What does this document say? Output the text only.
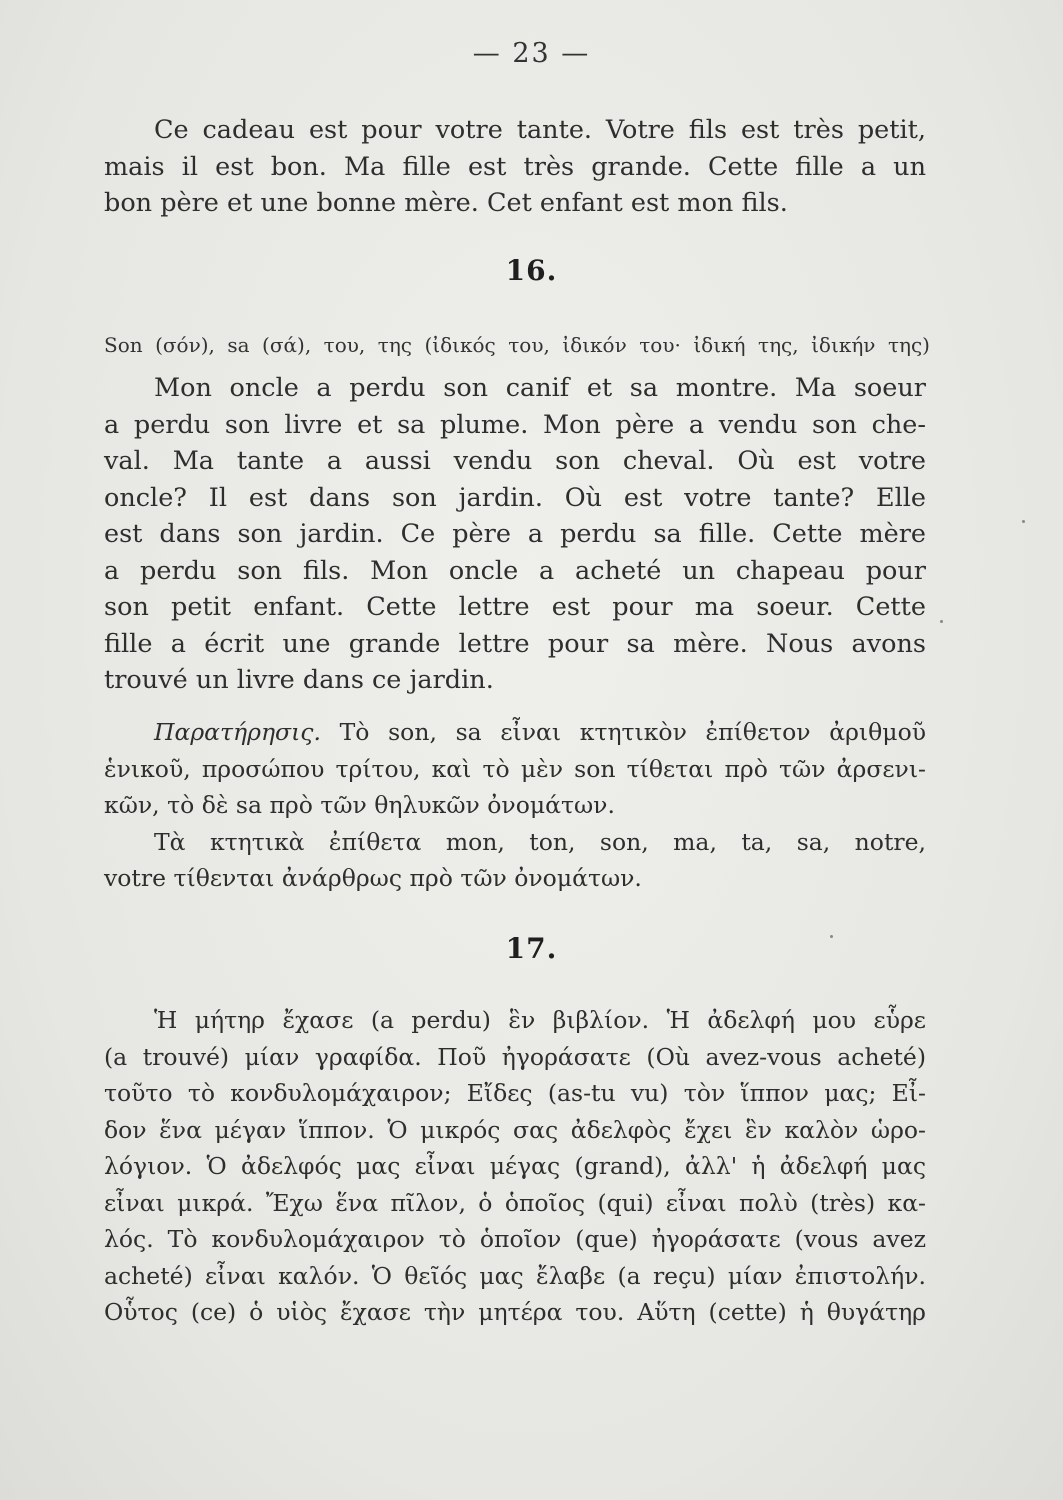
— 23 —
Ce cadeau est pour votre tante. Votre fils est très petit,
mais il est bon. Ma fille est très grande. Cette fille a un
bon père et une bonne mère. Cet enfant est mon fils.
16.
Son (σόν), sa (σά), του, της (ἰδικός του, ἰδικόν του· ἰδική της, ἰδικήν της)
Mon oncle a perdu son canif et sa montre. Ma soeur
a perdu son livre et sa plume. Mon père a vendu son che-
val. Ma tante a aussi vendu son cheval. Où est votre
oncle? Il est dans son jardin. Où est votre tante? Elle
est dans son jardin. Ce père a perdu sa fille. Cette mère
a perdu son fils. Mon oncle a acheté un chapeau pour
son petit enfant. Cette lettre est pour ma soeur. Cette
fille a écrit une grande lettre pour sa mère. Nous avons
trouvé un livre dans ce jardin.
Παρατήρησις. Τὸ son, sa εἶναι κτητικὸν ἐπίθετον ἀριθμοῦ
ἑνικοῦ, προσώπου τρίτου, καὶ τὸ μὲν son τίθεται πρὸ τῶν ἀρσενι-
κῶν, τὸ δὲ sa πρὸ τῶν θηλυκῶν ὀνομάτων.
Τὰ κτητικὰ ἐπίθετα mon, ton, son, ma, ta, sa, notre,
votre τίθενται ἀνάρθρως πρὸ τῶν ὀνομάτων.
17.
Ἡ μήτηρ ἔχασε (a perdu) ἓν βιβλίον. Ἡ ἀδελφή μου εὗρε
(a trouvé) μίαν γραφίδα. Ποῦ ἠγοράσατε (Où avez-vous acheté)
τοῦτο τὸ κονδυλομάχαιρον; Εἴδες (as-tu vu) τὸν ἵππον μας; Εἶ-
δον ἕνα μέγαν ἵππον. Ὁ μικρός σας ἀδελφὸς ἔχει ἓν καλὸν ὡρο-
λόγιον. Ὁ ἀδελφός μας εἶναι μέγας (grand), ἀλλ' ἡ ἀδελφή μας
εἶναι μικρά. Ἔχω ἕνα πῖλον, ὁ ὁποῖος (qui) εἶναι πολὺ (très) κα-
λός. Τὸ κονδυλομάχαιρον τὸ ὁποῖον (que) ἠγοράσατε (vous avez
acheté) εἶναι καλόν. Ὁ θεῖός μας ἔλαβε (a reçu) μίαν ἐπιστολήν.
Οὗτος (ce) ὁ υἱὸς ἔχασε τὴν μητέρα του. Αὕτη (cette) ἡ θυγάτηρ
